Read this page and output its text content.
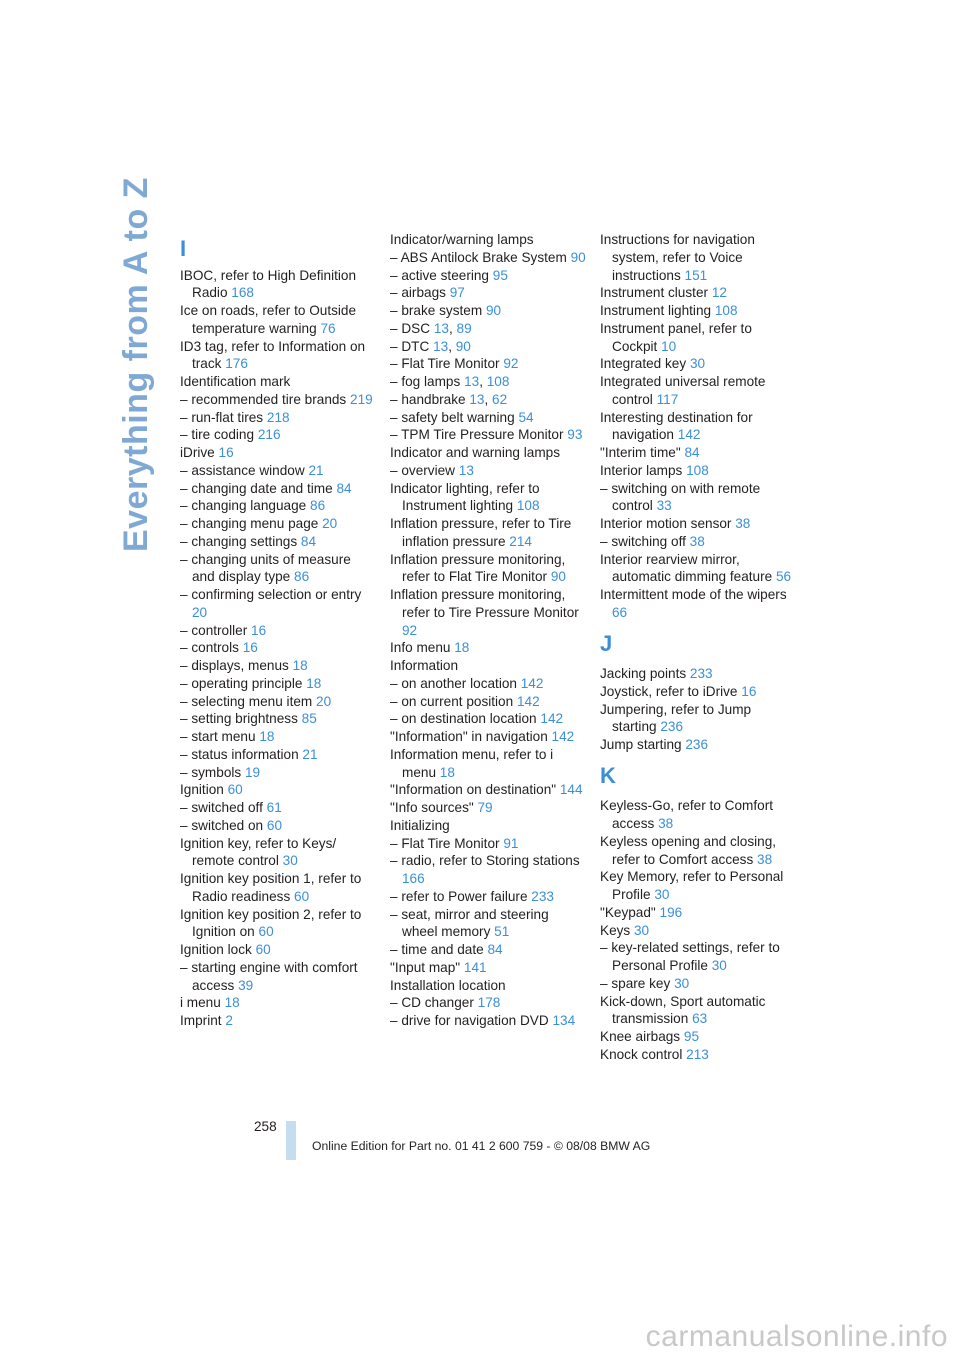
Everything from A to Z I
IBOC, refer to High Definition Radio 168
Ice on roads, refer to Outside temperature warning 76
ID3 tag, refer to Information on track 176
Identification mark
– recommended tire brands 219
– run-flat tires 218
– tire coding 216
iDrive 16
– assistance window 21
– changing date and time 84
– changing language 86
– changing menu page 20
– changing settings 84
– changing units of measure and display type 86
– confirming selection or entry 20
– controller 16
– controls 16
– displays, menus 18
– operating principle 18
– selecting menu item 20
– setting brightness 85
– start menu 18
– status information 21
– symbols 19
Ignition 60
– switched off 61
– switched on 60
Ignition key, refer to Keys/ remote control 30
Ignition key position 1, refer to Radio readiness 60
Ignition key position 2, refer to Ignition on 60
Ignition lock 60
– starting engine with comfort access 39
i menu 18
Imprint 2
Indicator/warning lamps
– ABS Antilock Brake System 90
– active steering 95
– airbags 97
– brake system 90
– DSC 13, 89
– DTC 13, 90
– Flat Tire Monitor 92
– fog lamps 13, 108
– handbrake 13, 62
– safety belt warning 54
– TPM Tire Pressure Monitor 93
Indicator and warning lamps
– overview 13
Indicator lighting, refer to Instrument lighting 108
Inflation pressure, refer to Tire inflation pressure 214
Inflation pressure monitoring, refer to Flat Tire Monitor 90
Inflation pressure monitoring, refer to Tire Pressure Monitor 92
Info menu 18
Information
– on another location 142
– on current position 142
– on destination location 142
"Information" in navigation 142
Information menu, refer to i menu 18
"Information on destination" 144
"Info sources" 79
Initializing
– Flat Tire Monitor 91
– radio, refer to Storing stations 166
– refer to Power failure 233
– seat, mirror and steering wheel memory 51
– time and date 84
"Input map" 141
Installation location
– CD changer 178
– drive for navigation DVD 134
Instructions for navigation system, refer to Voice instructions 151
Instrument cluster 12
Instrument lighting 108
Instrument panel, refer to Cockpit 10
Integrated key 30
Integrated universal remote control 117
Interesting destination for navigation 142
"Interim time" 84
Interior lamps 108
– switching on with remote control 33
Interior motion sensor 38
– switching off 38
Interior rearview mirror, automatic dimming feature 56
Intermittent mode of the wipers 66
J
Jacking points 233
Joystick, refer to iDrive 16
Jumpering, refer to Jump starting 236
Jump starting 236
K
Keyless-Go, refer to Comfort access 38
Keyless opening and closing, refer to Comfort access 38
Key Memory, refer to Personal Profile 30
"Keypad" 196
Keys 30
– key-related settings, refer to Personal Profile 30
– spare key 30
Kick-down, Sport automatic transmission 63
Knee airbags 95
Knock control 213
258
Online Edition for Part no. 01 41 2 600 759 - © 08/08 BMW AG
carmanualsonline.info
